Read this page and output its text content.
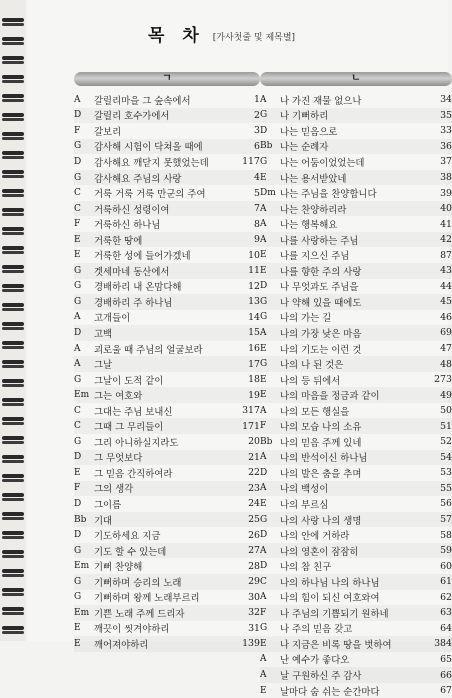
목 차 [가사첫줄 및 제목별]
ㄱ
A	갈릴리마을 그 숲속에서	1
D	갈릴리 호수가에서	2
F	갈보리	3
G	감사해 시험이 닥쳐올 때에	6
D	감사해요 깨닫지 못했었는데	117
G	감사해요 주님의 사랑	4
C	거룩 거룩 거룩 만군의 주여	5
C	거룩하신 성령이여	7
F	거룩하신 하나님	8
E	거룩한 땅에	9
E	거룩한 성에 들어가겠네	10
G	겟세마네 동산에서	11
G	경배하리 내 온맘다해	12
G	경배하리 주 하나님	13
A	고개들이	14
D	고백	15
A	괴로울 때 주님의 얼굴보라	16
A	그날	17
G	그날이 도적 같이	18
Em 그는 여호와	19
C	그대는 주님 보내신	317
C	그때 그 무리들이	171
G	그리 아니하실지라도	20
D	그 무엇보다	21
E	그 믿음 간직하여라	22
F	그의 생각	23
D	그이름	24
Bb 기대	25
D	기도하세요 지금	26
G	기도 할 수 있는데	27
Em 기뻐 찬양해	28
G	기뻐하며 승리의 노래	29
G	기뻐하며 왕께 노래부르리	30
Em 기쁜 노래 주께 드리자	32
E	깨끗이 씻겨야하리	31
E	깨어져야하리	139
ㄴ
A	나 가진 재물 없으나	34
G	나 기뻐하리	35
D	나는 믿음으로	33
Bb 나는 순례자	36
G	나는 어둠이었었는데	37
E	나는 용서받았네	38
Dm 나는 주님을 찬양합니다	39
A	나는 찬양하리라	40
A	나는 행복해요	41
A	나를 사랑하는 주님	42
E	나를 지으신 주님	87
E	나를 향한 주의 사랑	43
D	나 무엇과도 주님을	44
G	나 약해 있을 때에도	45
G	나의 가는 길	46
A	나의 가장 낮은 마음	69
E	나의 기도는 이런 것	47
G	나의 나 된 것은	48
E	나의 등 뒤에서	273
E	나의 마음을 정금과 같이	49
A	나의 모든 행실을	50
F	나의 모습 나의 소유	51
Bb 나의 믿음 주께 있네	52
A	나의 반석이신 하나님	54
D	나의 발은 춤을 추며	53
A	나의 백성이	55
E	나의 부르심	56
G	나의 사랑 나의 생명	57
D	나의 안에 거하라	58
A	나의 영혼이 잠잠히	59
D	나의 참 친구	60
C	나의 하나님 나의 하나님	61
A	나의 힘이 되신 여호와여	62
F	나 주님의 기쁨되기 원하네	63
G	나 주의 믿음 갖고	64
E	나 지금은 비록 땅을 벗하여	384
A	난 예수가 좋다오	65
A	날 구원하신 주 감사	66
E	날마다 숨 쉬는 순간마다	67
